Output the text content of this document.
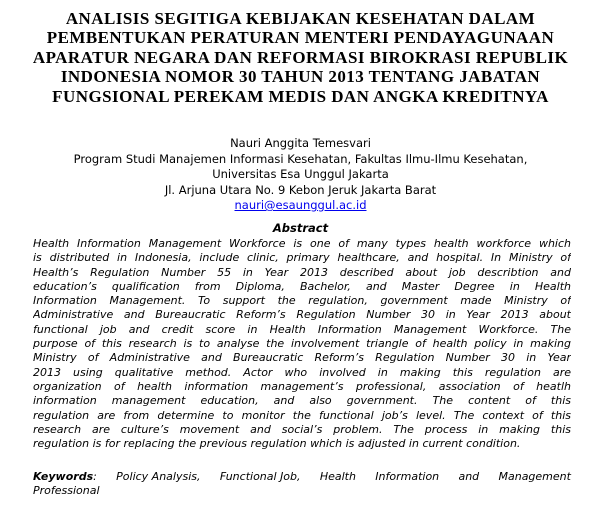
ANALISIS SEGITIGA KEBIJAKAN KESEHATAN DALAM
PEMBENTUKAN PERATURAN MENTERI PENDAYAGUNAAN
APARATUR NEGARA DAN REFORMASI BIROKRASI REPUBLIK
INDONESIA NOMOR 30 TAHUN 2013 TENTANG JABATAN
FUNGSIONAL PEREKAM MEDIS DAN ANGKA KREDITNYA
Nauri Anggita Temesvari
Program Studi Manajemen Informasi Kesehatan, Fakultas Ilmu-Ilmu Kesehatan,
Universitas Esa Unggul Jakarta
Jl. Arjuna Utara No. 9 Kebon Jeruk Jakarta Barat
nauri@esaunggul.ac.id
Abstract
Health Information Management Workforce is one of many types health workforce which
is distributed in Indonesia, include clinic, primary healthcare, and hospital. In Ministry of
Health’s Regulation Number 55 in Year 2013 described about job describtion and
education’s qualification from Diploma, Bachelor, and Master Degree in Health
Information Management. To support the regulation, government made Ministry of
Administrative and Bureaucratic Reform’s Regulation Number 30 in Year 2013 about
functional job and credit score in Health Information Management Workforce. The
purpose of this research is to analyse the involvement triangle of health policy in making
Ministry of Administrative and Bureaucratic Reform’s Regulation Number 30 in Year
2013 using qualitative method. Actor who involved in making this regulation are
organization of health information management’s professional, association of heatlh
information management education, and also government. The content of this
regulation are from determine to monitor the functional job’s level. The context of this
research are culture’s movement and social’s problem. The process in making this
regulation is for replacing the previous regulation which is adjusted in current condition.
Keywords: Policy Analysis, Functional Job, Health Information and Management
Professional
